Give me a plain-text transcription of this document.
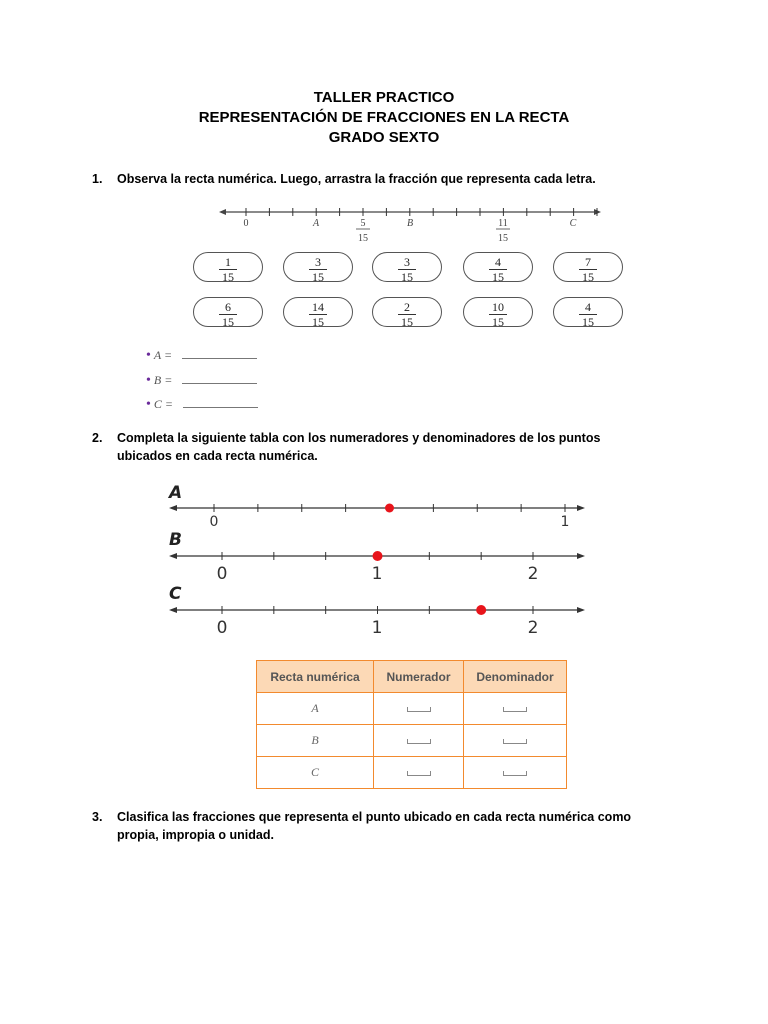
TALLER PRACTICO

REPRESENTACIÓN DE FRACCIONES EN LA RECTA

GRADO SEXTO

1. Observa la recta numérica. Luego, arrastra la fracción que representa cada letra.
0	A	5
15
B	11
15
C
1
15
3
15
3
15
4
15
7
15
6
15
14
15
2
15
10
15
4
15
• A =
• B =
• C =
2. Completa la siguiente tabla con los numeradores y denominadores de los puntos ubicados en cada recta numérica.
A
0	1
B
0	1	2
C
0	1	2
Recta numérica	Numerador	Denominador
A		
B		
C		
3. Clasifica las fracciones que representa el punto ubicado en cada recta numérica como propia, impropia o unidad.
